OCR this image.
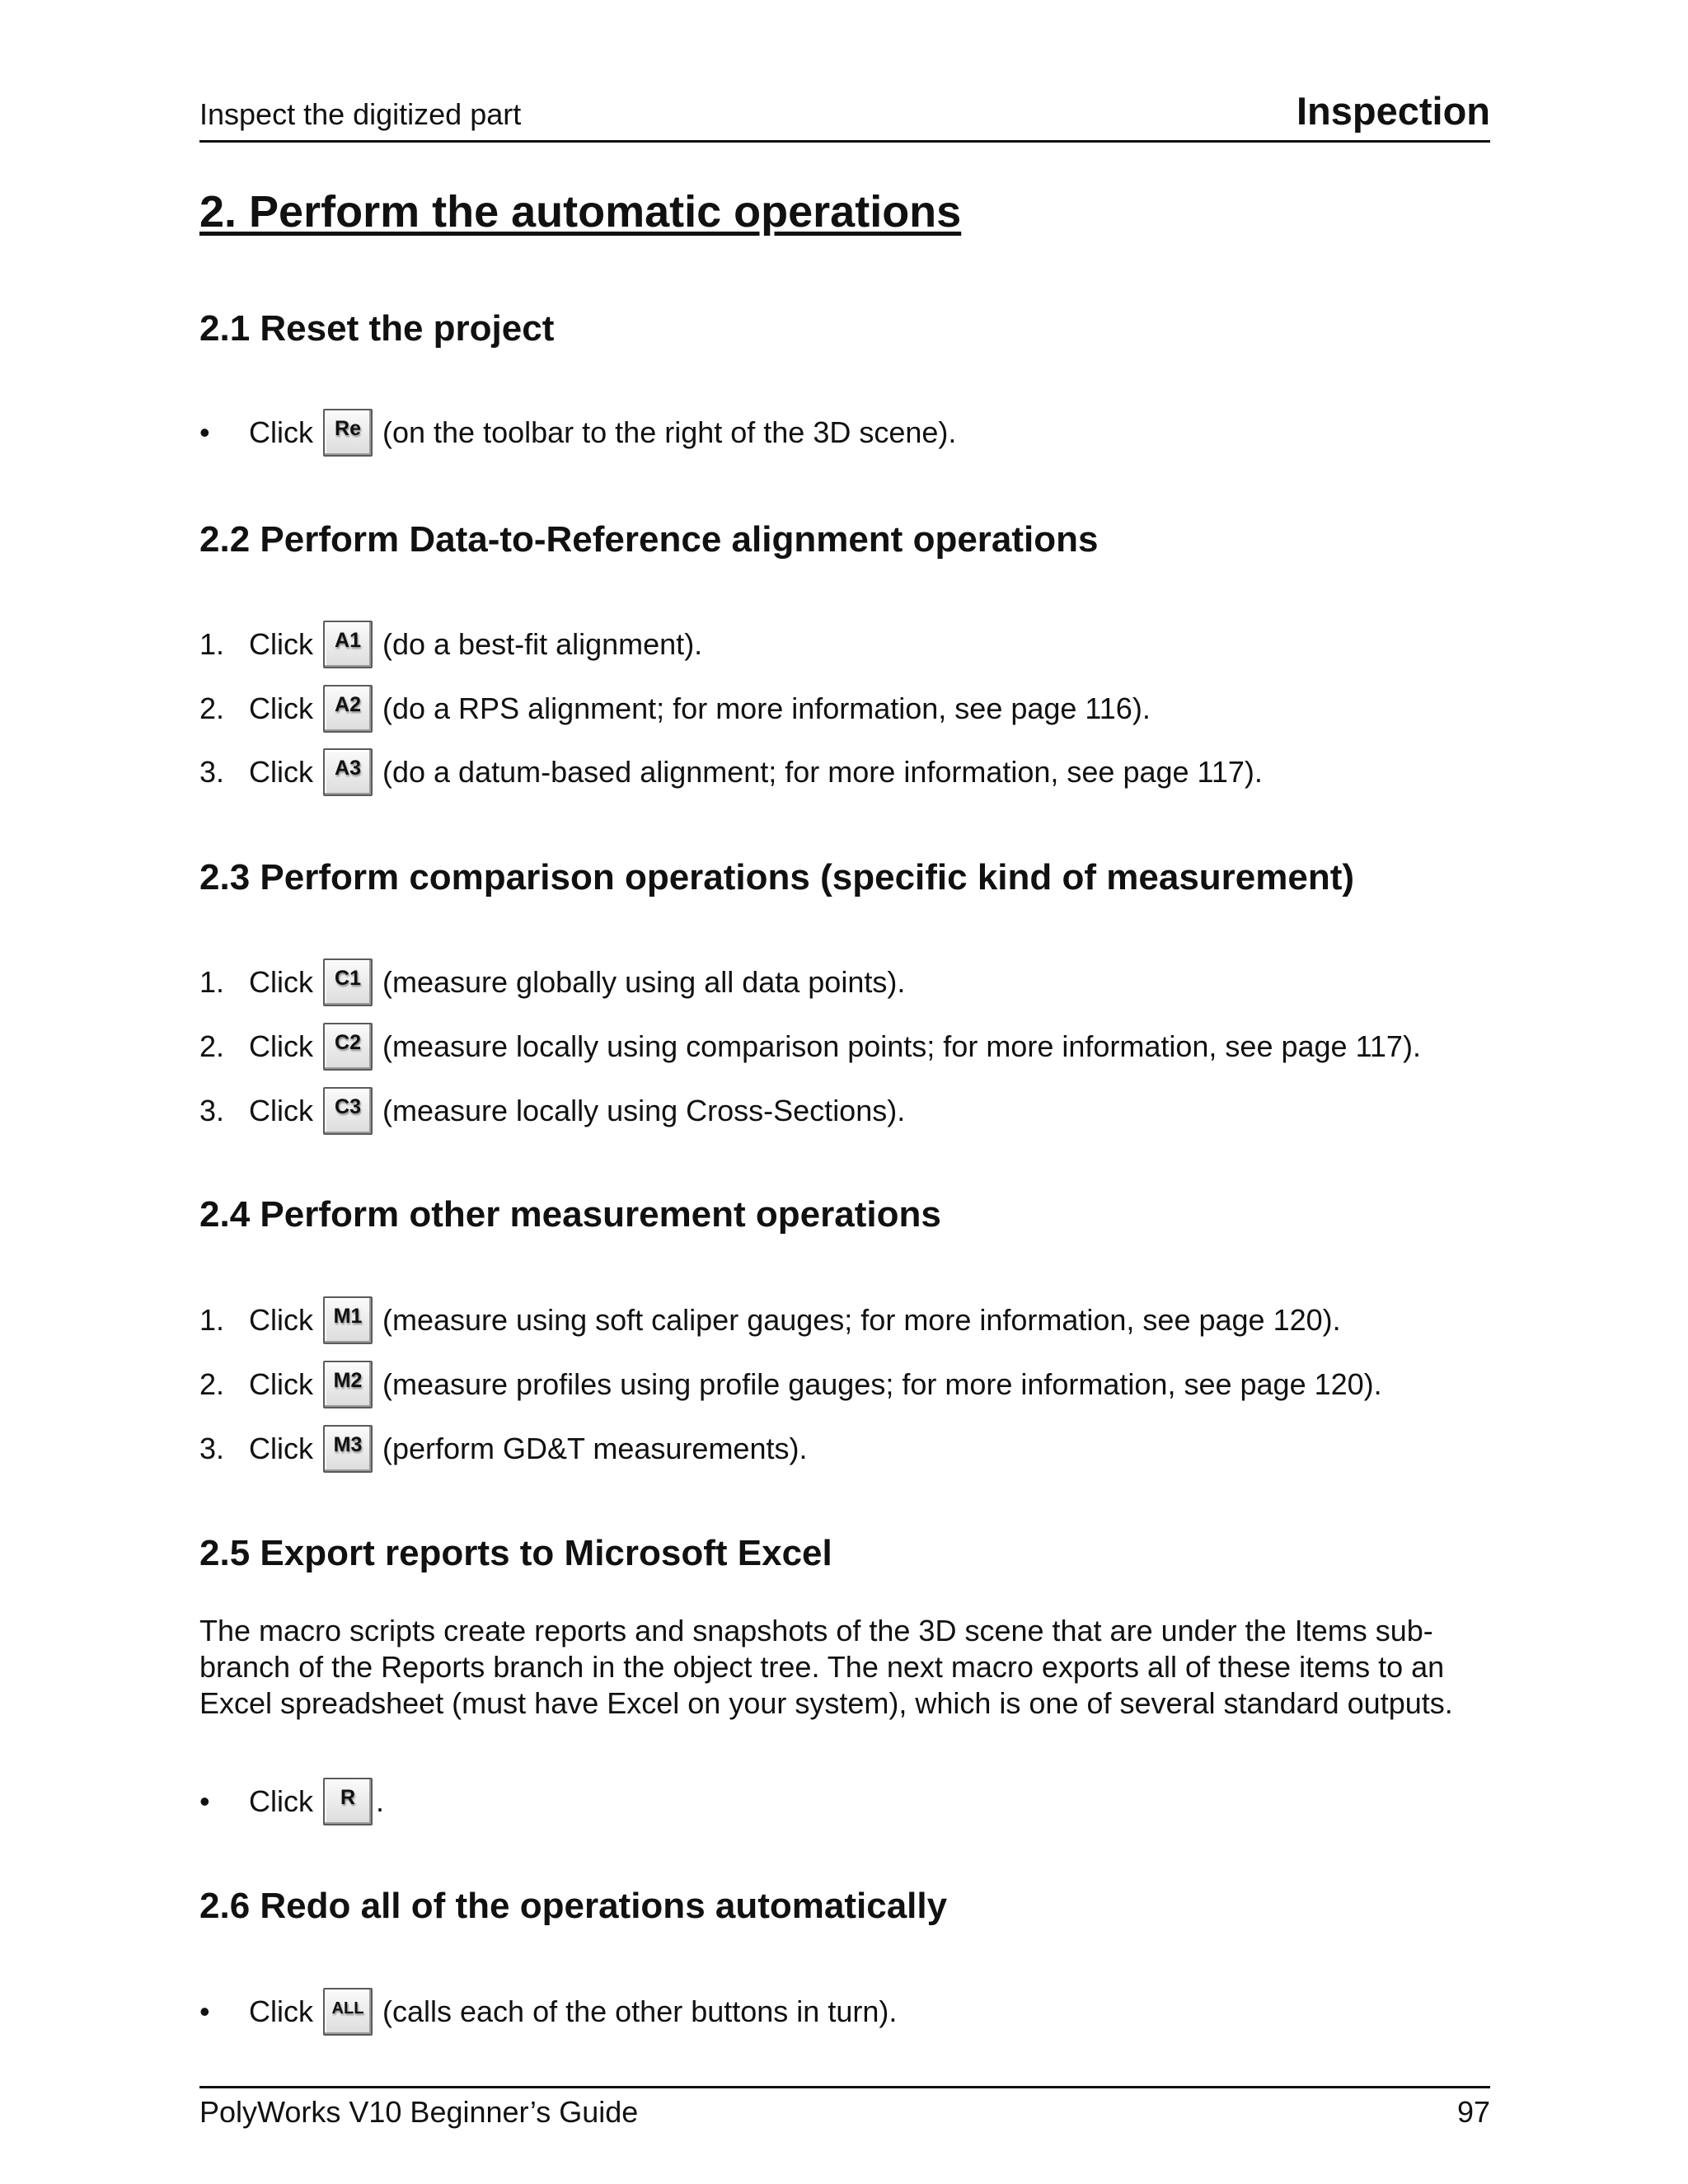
Inspect the digitized part	Inspection
2. Perform the automatic operations
2.1 Reset the project
•	Click	Re (on the toolbar to the right of the 3D scene).
2.2 Perform Data-to-Reference alignment operations
1. Click	A1 (do a best-fit alignment).
2. Click	A2 (do a RPS alignment; for more information, see page 116).
3. Click	A3 (do a datum-based alignment; for more information, see page 117).
2.3 Perform comparison operations (specific kind of measurement)
1. Click	C1 (measure globally using all data points).
2. Click	C2 (measure locally using comparison points; for more information, see page 117).
3. Click	C3 (measure locally using Cross-Sections).
2.4 Perform other measurement operations
1. Click M1 (measure using soft caliper gauges; for more information, see page 120).
2. Click M2 (measure profiles using profile gauges; for more information, see page 120).
3. Click M3 (perform GD&T measurements).
2.5 Export reports to Microsoft Excel
The macro scripts create reports and snapshots of the 3D scene that are under the Items sub-branch of the Reports branch in the object tree. The next macro exports all of these items to an Excel spreadsheet (must have Excel on your system), which is one of several standard outputs.
•	Click	R .
2.6 Redo all of the operations automatically
•	Click	ALL (calls each of the other buttons in turn).
PolyWorks V10 Beginner’s Guide	97
